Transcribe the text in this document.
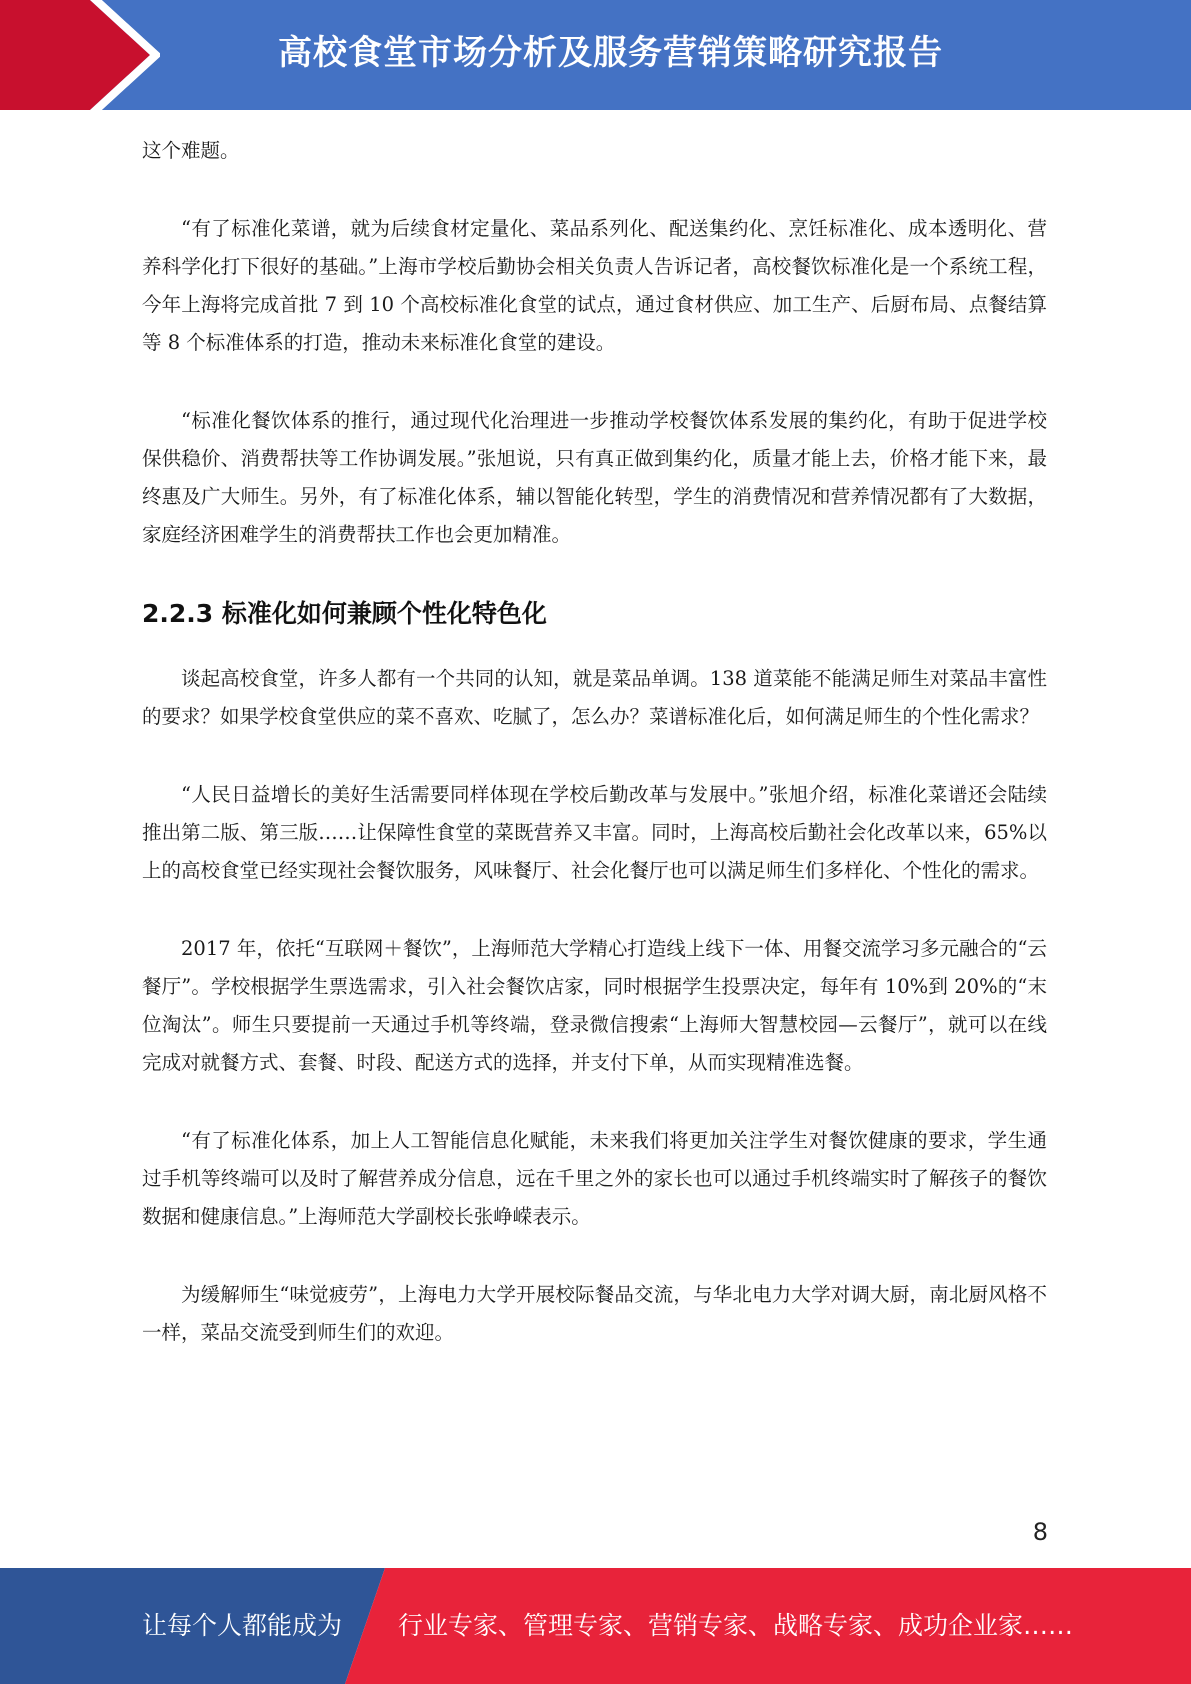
高校食堂市场分析及服务营销策略研究报告

这个难题。

“有了标准化菜谱，就为后续食材定量化、菜品系列化、配送集约化、烹饪标准化、成本透明化、营养科学化打下很好的基础。”上海市学校后勤协会相关负责人告诉记者，高校餐饮标准化是一个系统工程，今年上海将完成首批 7 到 10 个高校标准化食堂的试点，通过食材供应、加工生产、后厨布局、点餐结算等 8 个标准体系的打造，推动未来标准化食堂的建设。

“标准化餐饮体系的推行，通过现代化治理进一步推动学校餐饮体系发展的集约化，有助于促进学校保供稳价、消费帮扶等工作协调发展。”张旭说，只有真正做到集约化，质量才能上去，价格才能下来，最终惠及广大师生。另外，有了标准化体系，辅以智能化转型，学生的消费情况和营养情况都有了大数据，家庭经济困难学生的消费帮扶工作也会更加精准。

2.2.3 标准化如何兼顾个性化特色化

谈起高校食堂，许多人都有一个共同的认知，就是菜品单调。138 道菜能不能满足师生对菜品丰富性的要求？如果学校食堂供应的菜不喜欢、吃腻了，怎么办？菜谱标准化后，如何满足师生的个性化需求？

“人民日益增长的美好生活需要同样体现在学校后勤改革与发展中。”张旭介绍，标准化菜谱还会陆续推出第二版、第三版……让保障性食堂的菜既营养又丰富。同时，上海高校后勤社会化改革以来，65%以上的高校食堂已经实现社会餐饮服务，风味餐厅、社会化餐厅也可以满足师生们多样化、个性化的需求。

2017 年，依托“互联网＋餐饮”，上海师范大学精心打造线上线下一体、用餐交流学习多元融合的“云餐厅”。学校根据学生票选需求，引入社会餐饮店家，同时根据学生投票决定，每年有 10%到 20%的“末位淘汰”。师生只要提前一天通过手机等终端，登录微信搜索“上海师大智慧校园—云餐厅”，就可以在线完成对就餐方式、套餐、时段、配送方式的选择，并支付下单，从而实现精准选餐。

“有了标准化体系，加上人工智能信息化赋能，未来我们将更加关注学生对餐饮健康的要求，学生通过手机等终端可以及时了解营养成分信息，远在千里之外的家长也可以通过手机终端实时了解孩子的餐饮数据和健康信息。”上海师范大学副校长张峥嵘表示。

为缓解师生“味觉疲劳”，上海电力大学开展校际餐品交流，与华北电力大学对调大厨，南北厨风格不一样，菜品交流受到师生们的欢迎。

8
让每个人都能成为 行业专家、管理专家、营销专家、战略专家、成功企业家……
